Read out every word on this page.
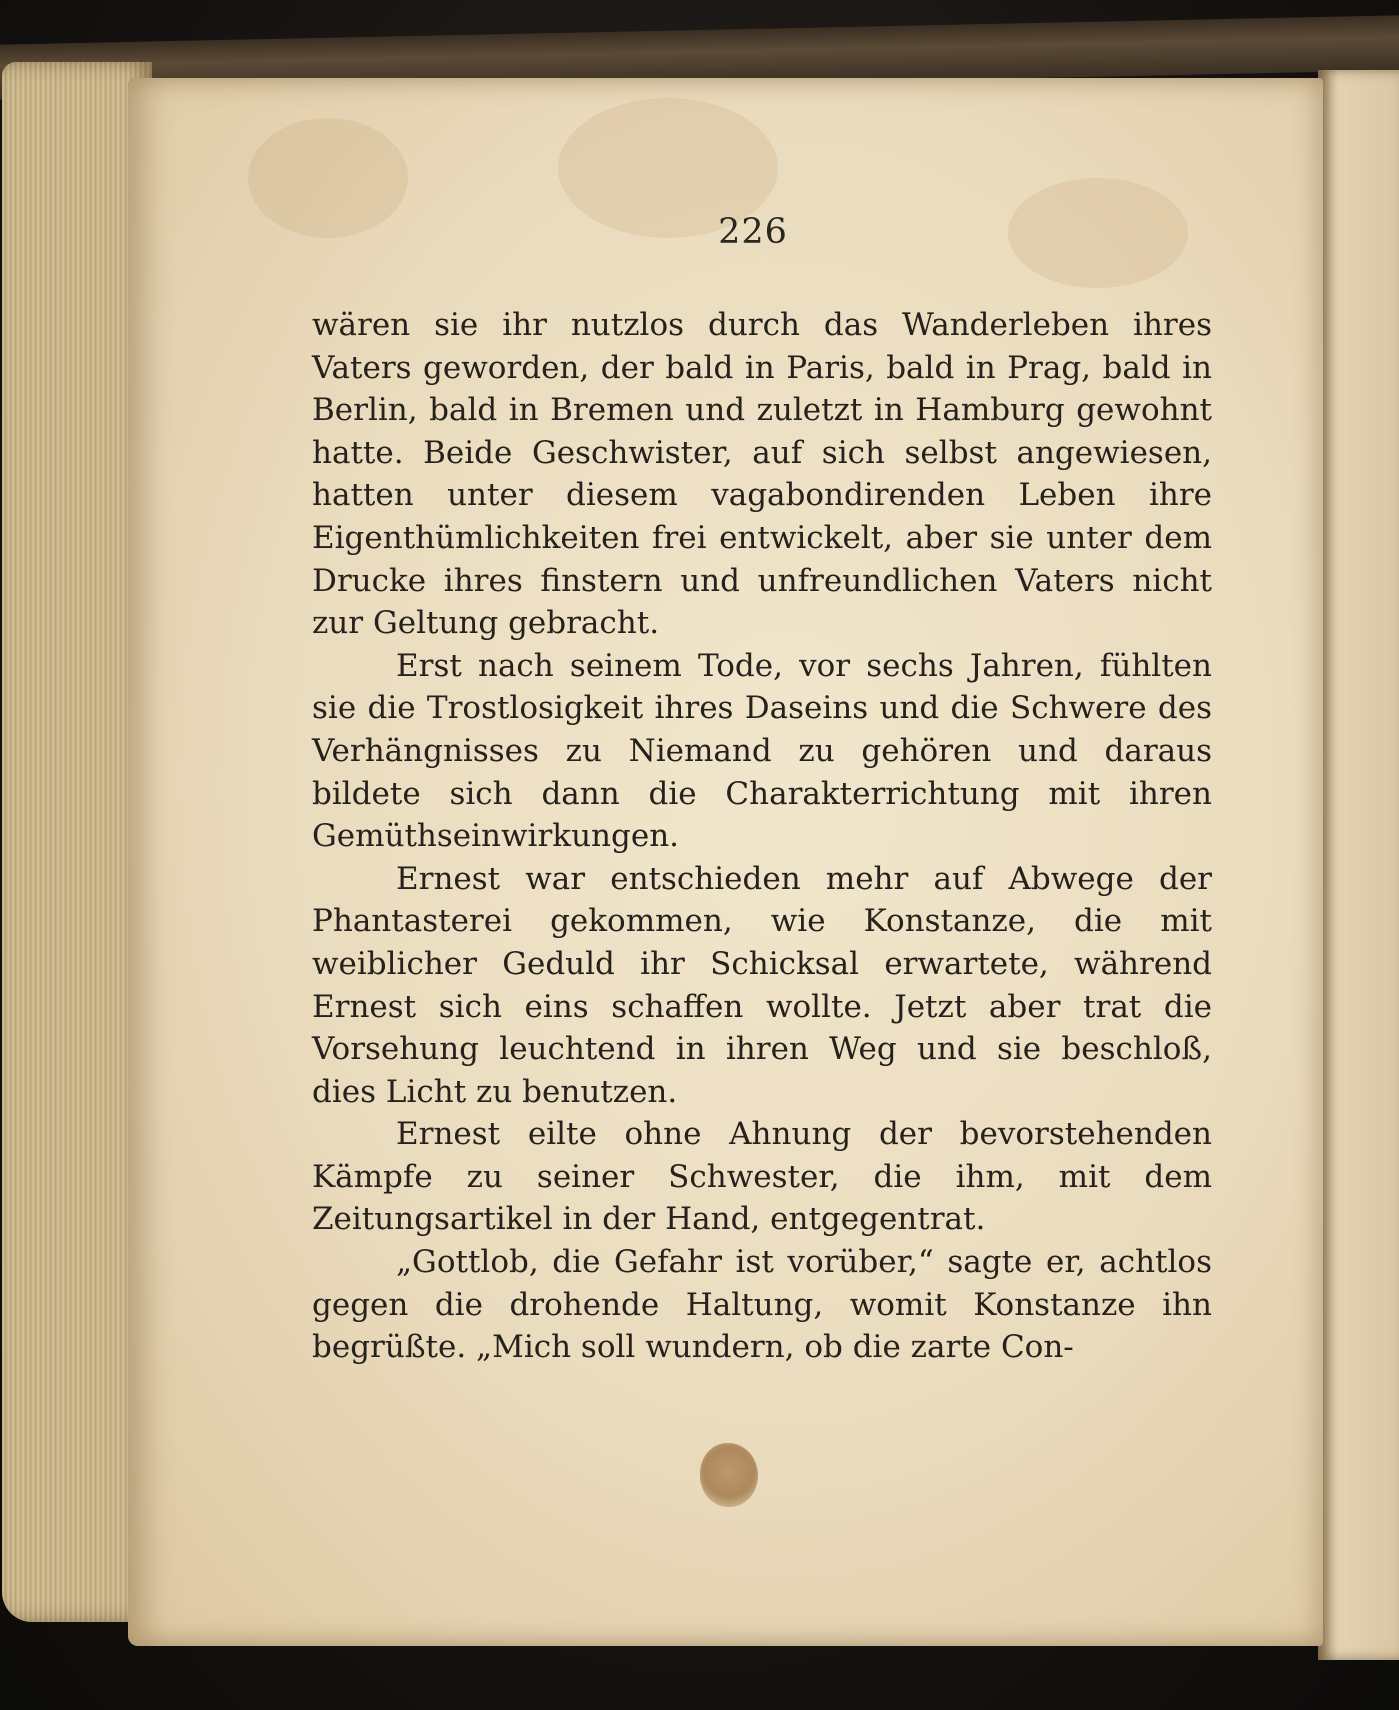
226

wären sie ihr nutzlos durch das Wanderleben ihres Vaters geworden, der bald in Paris, bald in Prag, bald in Berlin, bald in Bremen und zuletzt in Hamburg gewohnt hatte. Beide Geschwister, auf sich selbst angewiesen, hatten unter diesem vagabondirenden Leben ihre Eigenthümlichkeiten frei entwickelt, aber sie unter dem Drucke ihres finstern und unfreundlichen Vaters nicht zur Geltung gebracht.

Erst nach seinem Tode, vor sechs Jahren, fühlten sie die Trostlosigkeit ihres Daseins und die Schwere des Verhängnisses zu Niemand zu gehören und daraus bildete sich dann die Charakterrichtung mit ihren Gemüthseinwirkungen.

Ernest war entschieden mehr auf Abwege der Phantasterei gekommen, wie Konstanze, die mit weiblicher Geduld ihr Schicksal erwartete, während Ernest sich eins schaffen wollte. Jetzt aber trat die Vorsehung leuchtend in ihren Weg und sie beschloß, dies Licht zu benutzen.

Ernest eilte ohne Ahnung der bevorstehenden Kämpfe zu seiner Schwester, die ihm, mit dem Zeitungsartikel in der Hand, entgegentrat.

„Gottlob, die Gefahr ist vorüber,“ sagte er, achtlos gegen die drohende Haltung, womit Konstanze ihn begrüßte. „Mich soll wundern, ob die zarte Con-
